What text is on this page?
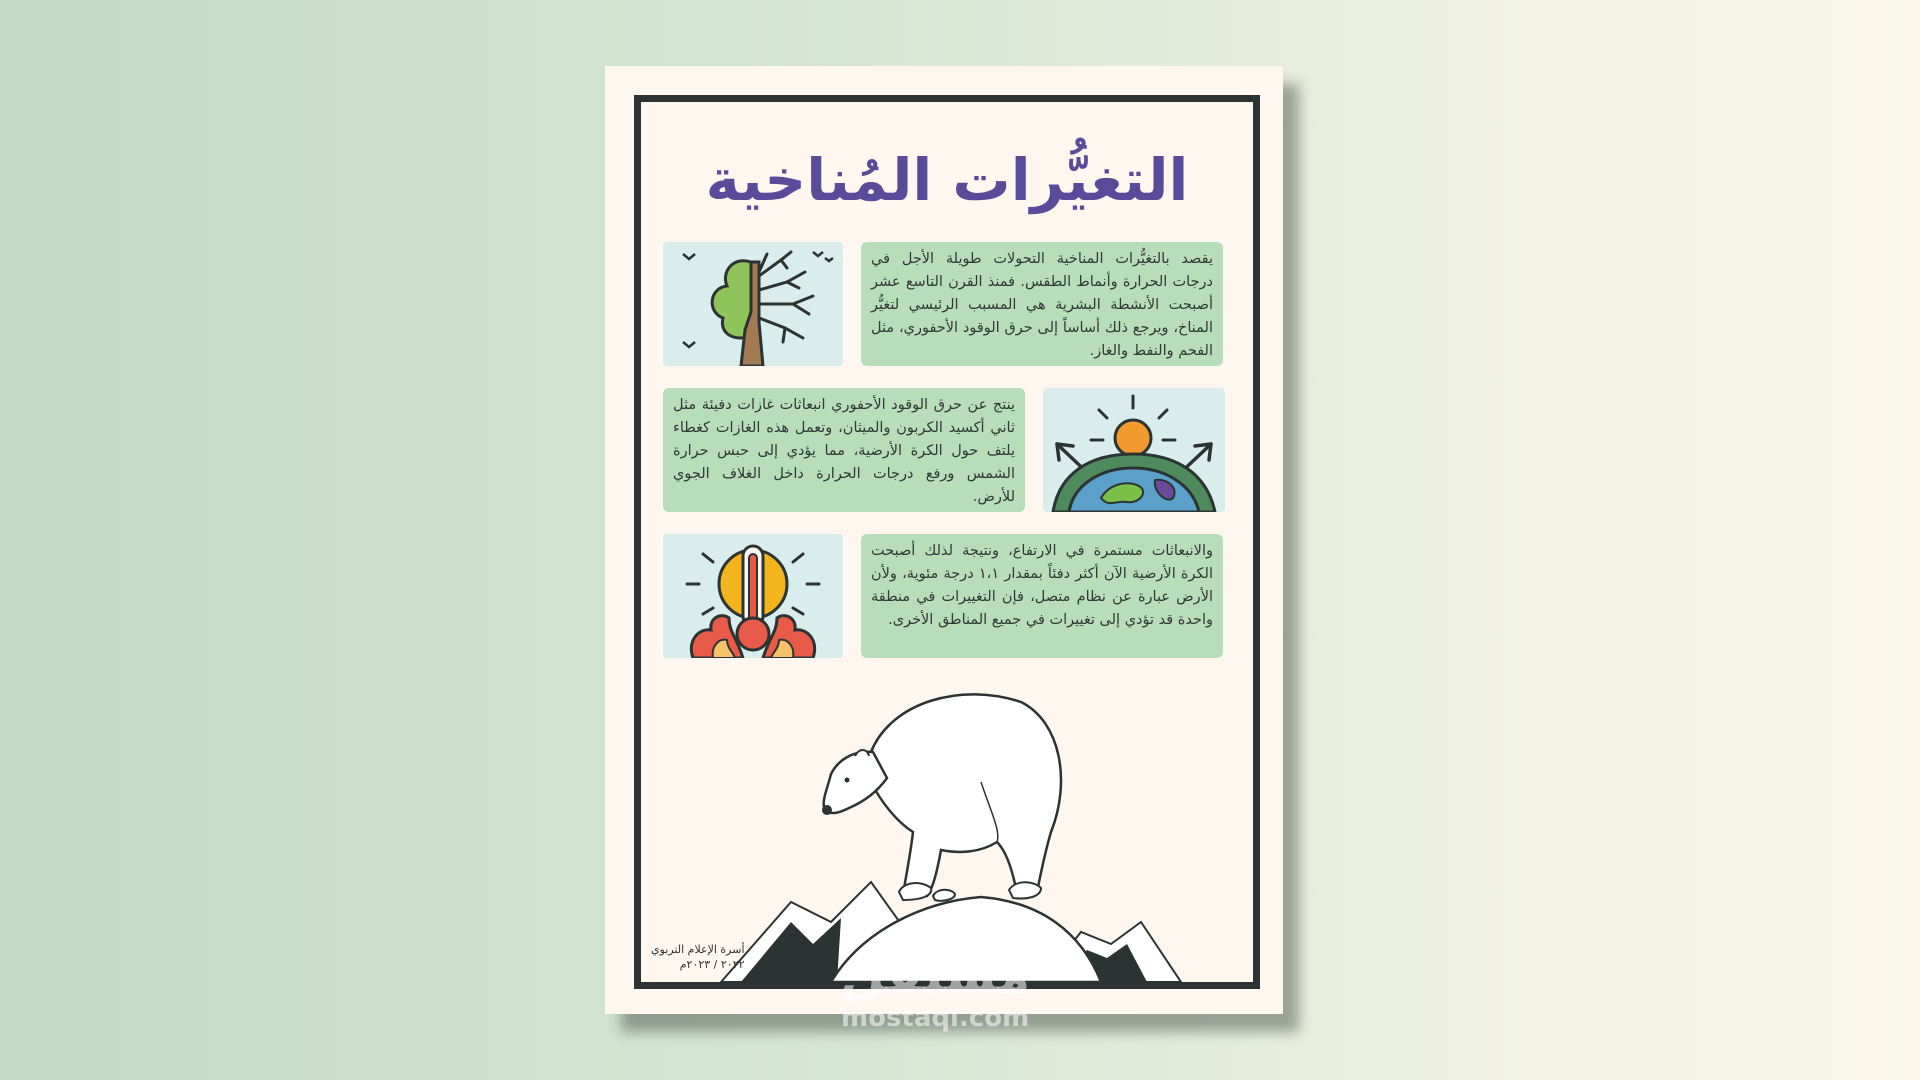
التغيُّرات المُناخية
يقصد بالتغيُّرات المناخية التحولات طويلة الأجل في درجات الحرارة وأنماط الطقس. فمنذ القرن التاسع عشر أصبحت الأنشطة البشرية هي المسبب الرئيسي لتغيُّر المناخ، ويرجع ذلك أساساً إلى حرق الوقود الأحفوري، مثل الفحم والنفط والغاز.
ينتج عن حرق الوقود الأحفوري انبعاثات غازات دفيئة مثل ثاني أكسيد الكربون والميثان، وتعمل هذه الغازات كغطاء يلتف حول الكرة الأرضية، مما يؤدي إلى حبس حرارة الشمس ورفع درجات الحرارة داخل الغلاف الجوي للأرض.
والانبعاثات مستمرة في الارتفاع، ونتيجة لذلك أصبحت الكرة الأرضية الآن أكثر دفئاً بمقدار ١،١ درجة مئوية، ولأن الأرض عبارة عن نظام متصل، فإن التغييرات في منطقة واحدة قد تؤدي إلى تغييرات في جميع المناطق الأخرى.
أسرة الإعلام التربوي
٢٠٢٢ / ٢٠٢٣م مستقل
mostaql.com
